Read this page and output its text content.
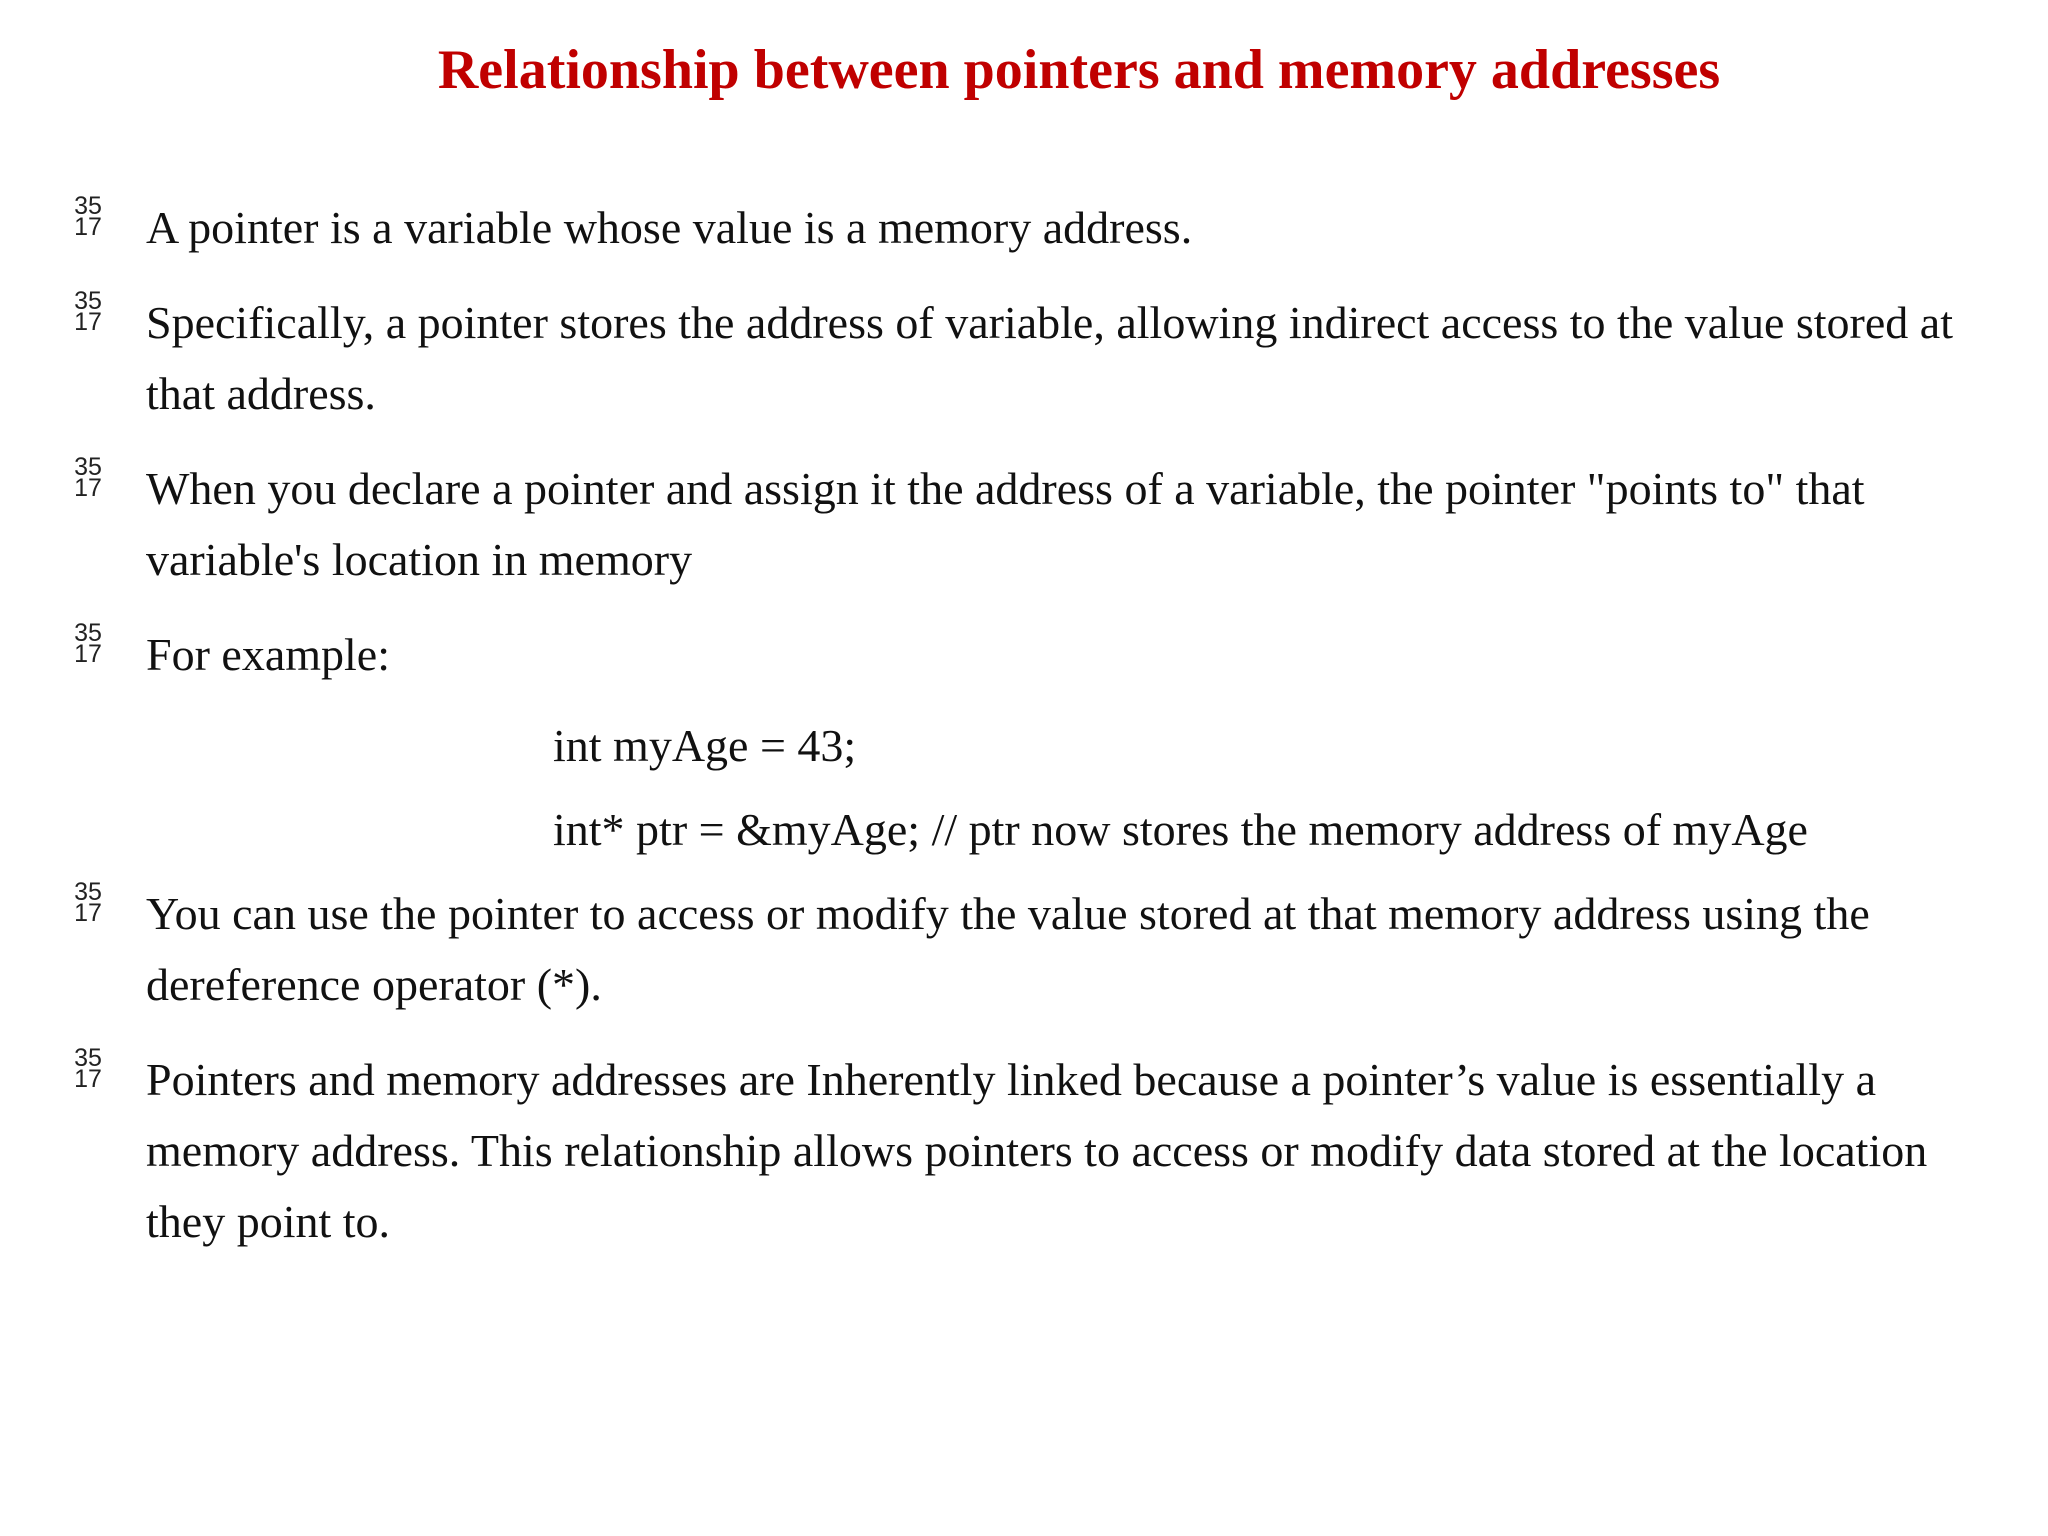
Relationship between pointers and memory addresses
35
17 A pointer is a variable whose value is a memory address.
35
17 Specifically, a pointer stores the address of variable, allowing indirect access to the value stored at that address.
35
17 When you declare a pointer and assign it the address of a variable, the pointer "points to" that variable's location in memory
35
17 For example:
int myAge = 43;
int* ptr = &myAge; // ptr now stores the memory address of myAge
35
17 You can use the pointer to access or modify the value stored at that memory address using the dereference operator (*).
35
17 Pointers and memory addresses are Inherently linked because a pointer’s value is essentially a memory address. This relationship allows pointers to access or modify data stored at the location they point to.
